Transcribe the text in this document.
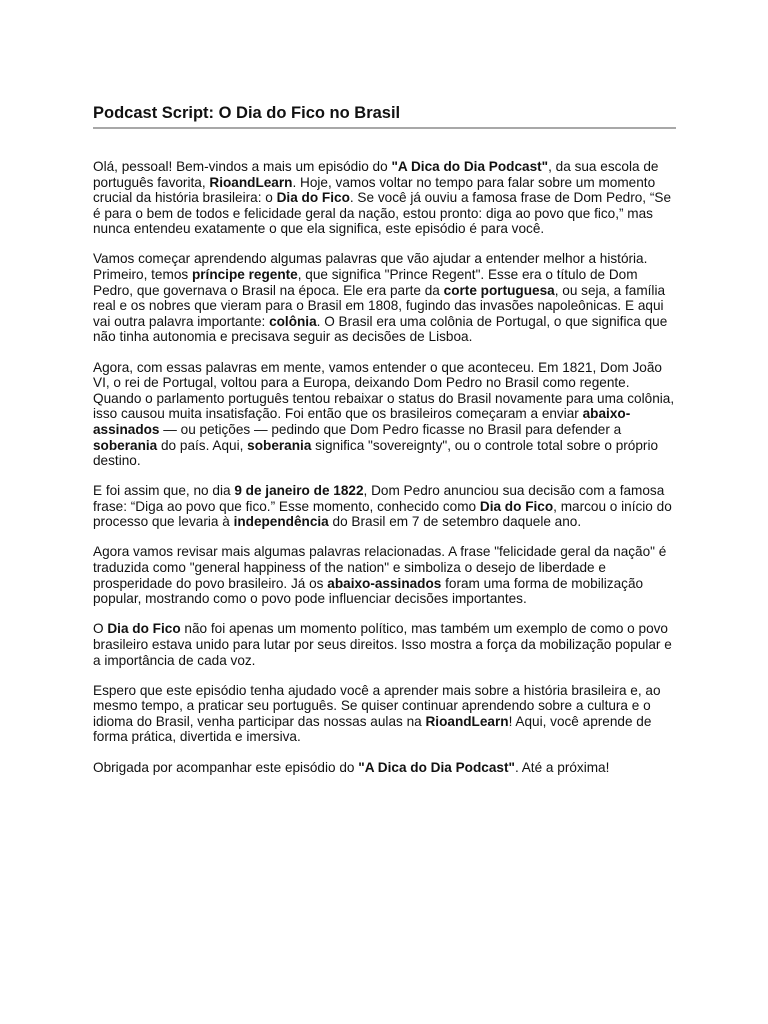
Podcast Script: O Dia do Fico no Brasil

Olá, pessoal! Bem-vindos a mais um episódio do "A Dica do Dia Podcast", da sua escola de português favorita, RioandLearn. Hoje, vamos voltar no tempo para falar sobre um momento crucial da história brasileira: o Dia do Fico. Se você já ouviu a famosa frase de Dom Pedro, “Se é para o bem de todos e felicidade geral da nação, estou pronto: diga ao povo que fico,” mas nunca entendeu exatamente o que ela significa, este episódio é para você.

Vamos começar aprendendo algumas palavras que vão ajudar a entender melhor a história. Primeiro, temos príncipe regente, que significa "Prince Regent". Esse era o título de Dom Pedro, que governava o Brasil na época. Ele era parte da corte portuguesa, ou seja, a família real e os nobres que vieram para o Brasil em 1808, fugindo das invasões napoleônicas. E aqui vai outra palavra importante: colônia. O Brasil era uma colônia de Portugal, o que significa que não tinha autonomia e precisava seguir as decisões de Lisboa.

Agora, com essas palavras em mente, vamos entender o que aconteceu. Em 1821, Dom João VI, o rei de Portugal, voltou para a Europa, deixando Dom Pedro no Brasil como regente. Quando o parlamento português tentou rebaixar o status do Brasil novamente para uma colônia, isso causou muita insatisfação. Foi então que os brasileiros começaram a enviar abaixo-assinados — ou petições — pedindo que Dom Pedro ficasse no Brasil para defender a soberania do país. Aqui, soberania significa "sovereignty", ou o controle total sobre o próprio destino.

E foi assim que, no dia 9 de janeiro de 1822, Dom Pedro anunciou sua decisão com a famosa frase: “Diga ao povo que fico.” Esse momento, conhecido como Dia do Fico, marcou o início do processo que levaria à independência do Brasil em 7 de setembro daquele ano.

Agora vamos revisar mais algumas palavras relacionadas. A frase "felicidade geral da nação" é traduzida como "general happiness of the nation" e simboliza o desejo de liberdade e prosperidade do povo brasileiro. Já os abaixo-assinados foram uma forma de mobilização popular, mostrando como o povo pode influenciar decisões importantes.

O Dia do Fico não foi apenas um momento político, mas também um exemplo de como o povo brasileiro estava unido para lutar por seus direitos. Isso mostra a força da mobilização popular e a importância de cada voz.

Espero que este episódio tenha ajudado você a aprender mais sobre a história brasileira e, ao mesmo tempo, a praticar seu português. Se quiser continuar aprendendo sobre a cultura e o idioma do Brasil, venha participar das nossas aulas na RioandLearn! Aqui, você aprende de forma prática, divertida e imersiva.

Obrigada por acompanhar este episódio do "A Dica do Dia Podcast". Até a próxima!
